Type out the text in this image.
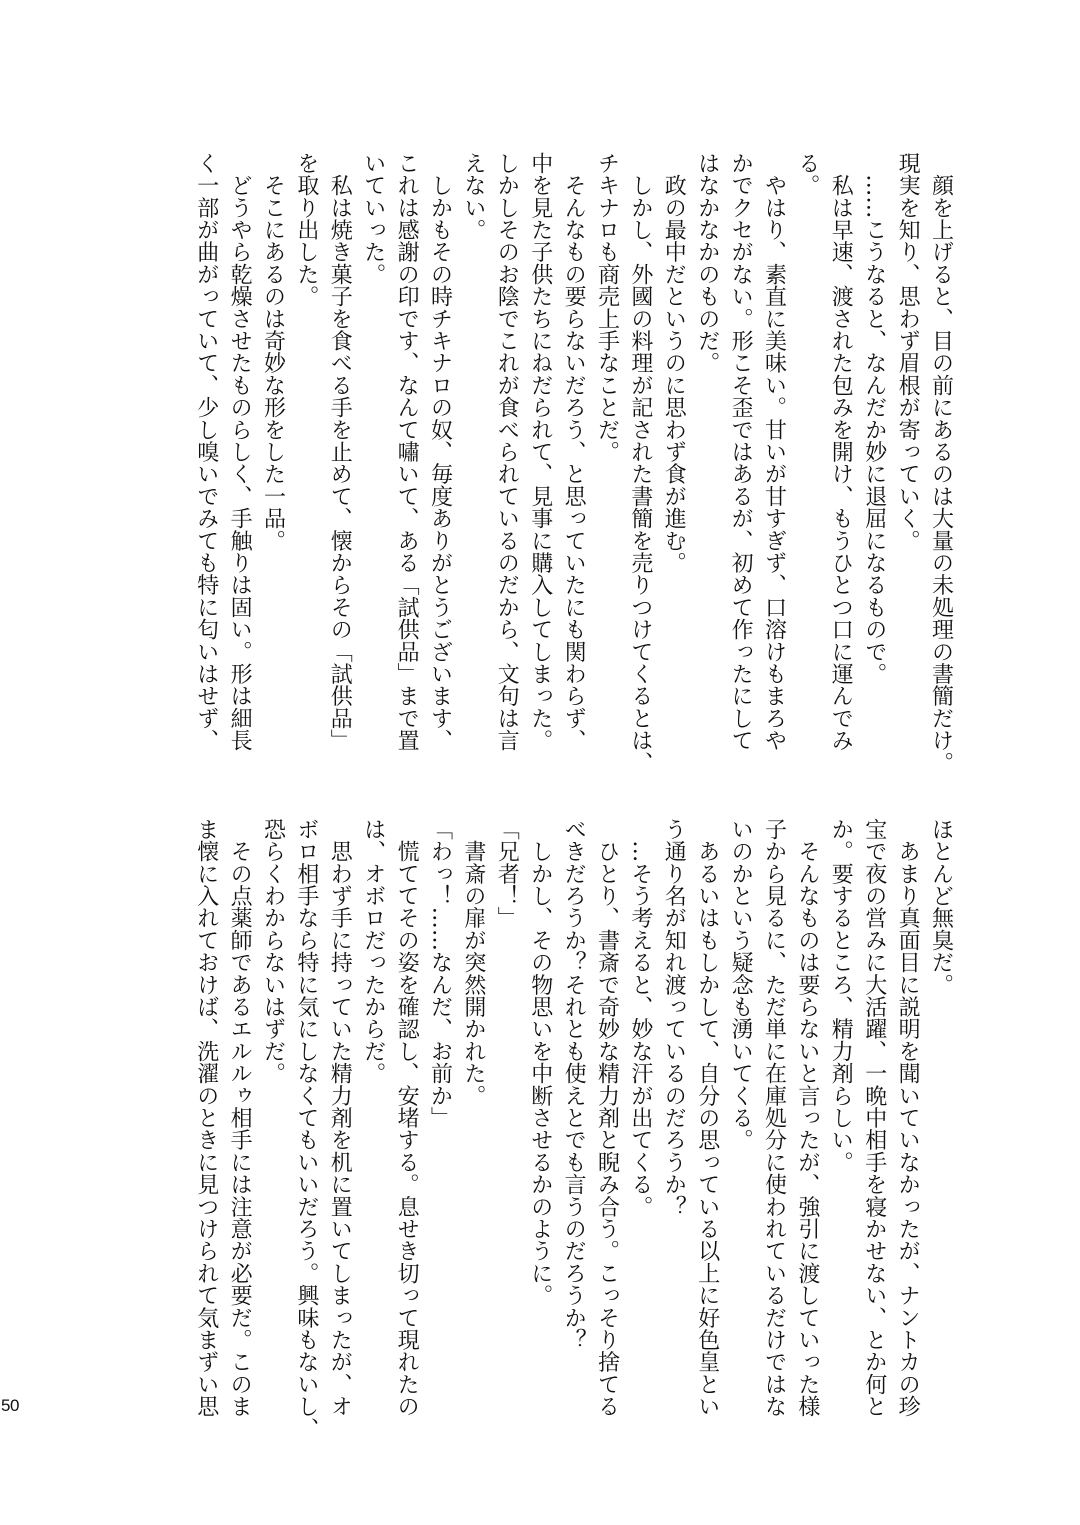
　顔を上げると、目の前にあるのは大量の未処理の書簡だけ。
現実を知り、思わず眉根が寄っていく。
　……こうなると、なんだか妙に退屈になるもので。
　私は早速、渡された包みを開け、もうひとつ口に運んでみ
る。
　やはり、素直に美味い。甘いが甘すぎず、口溶けもまろや
かでクセがない。形こそ歪ではあるが、初めて作ったにして
はなかなかのものだ。
　政の最中だというのに思わず食が進む。
　しかし、外國の料理が記された書簡を売りつけてくるとは、
チキナロも商売上手なことだ。
　そんなもの要らないだろう、と思っていたにも関わらず、
中を見た子供たちにねだられて、見事に購入してしまった。
しかしそのお陰でこれが食べられているのだから、文句は言
えない。
　しかもその時チキナロの奴、毎度ありがとうございます、
これは感謝の印です、なんて嘯いて、ある「試供品」まで置
いていった。
　私は焼き菓子を食べる手を止めて、懐からその「試供品」
を取り出した。
　そこにあるのは奇妙な形をした一品。
　どうやら乾燥させたものらしく、手触りは固い。形は細長
く一部が曲がっていて、少し嗅いでみても特に匂いはせず、
ほとんど無臭だ。
　あまり真面目に説明を聞いていなかったが、ナントカの珍
宝で夜の営みに大活躍、一晩中相手を寝かせない、とか何と
か。要するところ、精力剤らしい。
　そんなものは要らないと言ったが、強引に渡していった様
子から見るに、ただ単に在庫処分に使われているだけではな
いのかという疑念も湧いてくる。
　あるいはもしかして、自分の思っている以上に好色皇とい
う通り名が知れ渡っているのだろうか？
　…そう考えると、妙な汗が出てくる。
　ひとり、書斎で奇妙な精力剤と睨み合う。こっそり捨てる
べきだろうか？それとも使えとでも言うのだろうか？
　しかし、その物思いを中断させるかのように。
「兄者！」
　書斎の扉が突然開かれた。
「わっ！……なんだ、お前か」
　慌ててその姿を確認し、安堵する。息せき切って現れたの
は、オボロだったからだ。
　思わず手に持っていた精力剤を机に置いてしまったが、オ
ボロ相手なら特に気にしなくてもいいだろう。興味もないし、
恐らくわからないはずだ。
　その点薬師であるエルルゥ相手には注意が必要だ。このま
ま懐に入れておけば、洗濯のときに見つけられて気まずい思
50
